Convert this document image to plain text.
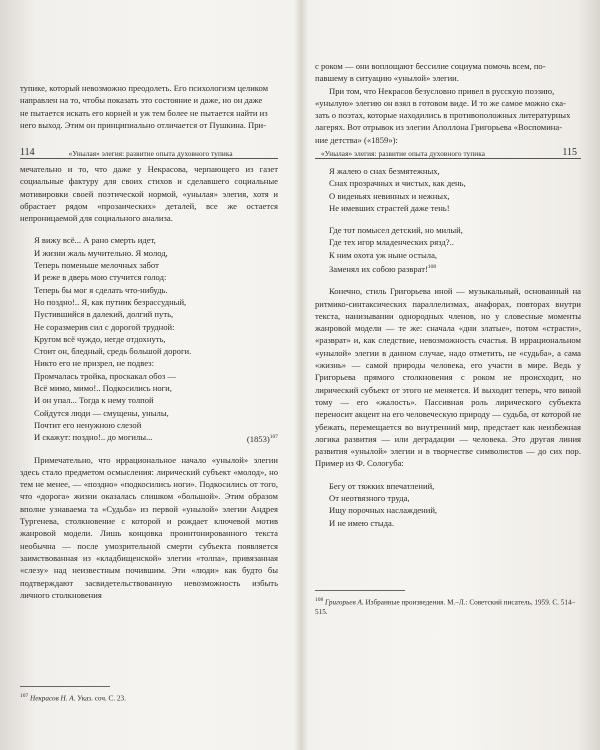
тупике, который невозможно преодолеть. Его психологизм целиком

направлен на то, чтобы показать это состояние и даже, но он даже

не пытается искать его корней и уж тем более не пытается найти из

него выход. Этим он принципиально отличается от Пушкина. При-

114	«Унылая» элегия: развитие опыта духовного тупика

мечательно и то, что даже у Некрасова, черпающего из газет социальные фактуру для своих стихов и сделавшего социальные мотивировки своей поэтической нормой, «унылая» элегия, хотя и обрастает рядом «прозаических» деталей, все же остается непроницаемой для социального анализа.

Я вижу всё... А рано смерть идет,
И жизни жаль мучительно. Я молод,
Теперь поменьше мелочных забот
И реже в дверь мою стучится голод:
Теперь бы мог я сделать что-нибудь.
Но поздно!.. Я, как путник безрассудный,
Пустившийся в далекий, долгий путь,
Не соразмерив сил с дорогой трудной:
Кругом всё чуждо, негде отдохнуть,
Стоит он, бледный, средь большой дороги.
Никто его не призрел, не подвез:
Промчалась тройка, проскакал обоз —
Всё мимо, мимо!.. Подкосились ноги,
И он упал... Тогда к нему толпой
Сойдутся люди — смущены, унылы,
Почтит его ненужною слезой
И скажут: поздно!.. до могилы...	$(1853)^{107}$

Примечательно, что иррациональное начало «унылой» элегии здесь стало предметом осмысления: лирический субъект «молод», но тем не менее, — «поздно» «подкосились ноги». Подкосились от того, что «дорога» жизни оказалась слишком «большой». Этим образом вполне узнаваема та «Судьба» из первой «унылой» элегии Андрея Тургенева, столкновение с которой и рождает ключевой мотив жанровой модели. Лишь концовка проинтонированного текста необычна — после умозрительной смерти субъекта появляется заимствованная из «кладбищенской» элегии «толпа», привязанная «слезу» над неизвестным почившим. Эти «люди» как будто бы подтверждают засвидетельствованную невозможность избыть личного столкновения

$^{107}$ Некрасов Н. А. Указ. соч. С. 23.

с роком — они воплощают бессилие социума помочь всем, по-

павшему в ситуацию «унылой» элегии.

При том, что Некрасов безусловно привел в русскую поэзию,

«унылую» элегию он взял в готовом виде. И то же самое можно ска-

зать о поэтах, которые находились в противоположных литературных

лагерях. Вот отрывок из элегии Аполлона Григорьева «Воспомина-

ние детства» («1859»):

«Унылая» элегия: развитие опыта духовного тупика	115
Я жалею о снах безмятежных,
Снах прозрачных и чистых, как день,
О виденьях невинных и нежных,
Не имевших страстей даже тень!
Где тот помысел детский, но милый,
Где тех игор младенческих рязд?..
К ним охота уж ныне остыла,
Заменял их собою разврат!$^{108}$

Конечно, стиль Григорьева иной — музыкальный, основанный на ритмико-синтаксических параллелизмах, анафорах, повторах внутри текста, нанизывании однородных членов, но у словесные моменты жанровой модели — те же: сначала «дни златые», потом «страсти», «разврат» и, как следствие, невозможность счастья. В иррациональном «унылой» элегии в данном случае, надо отметить, не «судьба», а сама «жизнь» — самой природы человека, его участи в мире. Ведь у Григорьева прямого столкновения с роком не происходит, но лирический субъект от этого не меняется. И выходит теперь, что виной тому — его «жалость». Пассивная роль лирического субъекта переносит акцент на его человеческую природу — судьба, от которой не убежать, перемещается во внутренний мир, предстает как неизбежная логика развития — или деградации — человека. Это другая линия развития «унылой» элегии и в творчестве символистов — до сих пор. Пример из Ф. Сологуба:

Бегу от тяжких впечатлений,
От неотвязного труда,
Ищу порочных наслаждений,
И не имею стыда.

$^{108}$ Григорьев А. Избранные произведения. М.–Л.: Советский писатель, 1959. С. 514–515.
